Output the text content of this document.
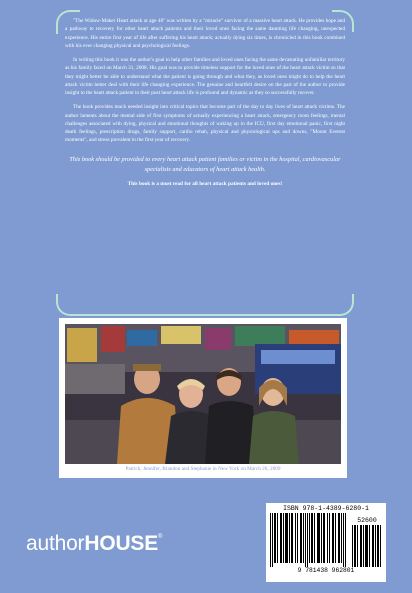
"The Widow-Maker Heart attack at age 48" was written by a "miracle" survivor of a massive heart attack. He provides hope and a pathway to recovery for other heart attack patients and their loved ones facing the same daunting life changing, unexpected experience. His entire first year of life after suffering his heart attack; actually dying six times, is chronicled in this book combined with his ever changing physical and psychological feelings.

In writing this book it was the author's goal to help other families and loved ones facing the same devastating unfamiliar territory as his family faced on March 31, 2008. His goal was to provide timeless support for the loved ones of the heart attack victim so that they might better be able to understand what the patient is going through and what they, as loved ones might do to help the heart attack victim better deal with their life changing experience. The genuine and heartfelt desire on the part of the author to provide insight to the heart attack patient in their post heart attack life is profound and dynamic as they so successfully recover.

The book provides much needed insight into critical topics that become part of the day to day lives of heart attack victims. The author laments about the mental side of first symptoms of actually experiencing a heart attack, emergency room feelings, mental challenges associated with dying, physical and emotional thoughts of waking up in the ICU, first day emotional panic, first night death feelings, prescription drugs, family support, cardio rehab, physical and physiological ups and downs, "Mount Everest moments", and stress prevalent in the first year of recovery.

This book should be provided to every heart attack patient families or victim in the hospital, cardiovascular specialists and educators of heart attack health.
This book is a must read for all heart attack patients and loved ones!
Patrick, Jennifer, Brandon and Stephanie in New York on March 26, 2009
authorHOUSE®
ISBN 978-1-4389-6280-1
52600
9 781438 962801
